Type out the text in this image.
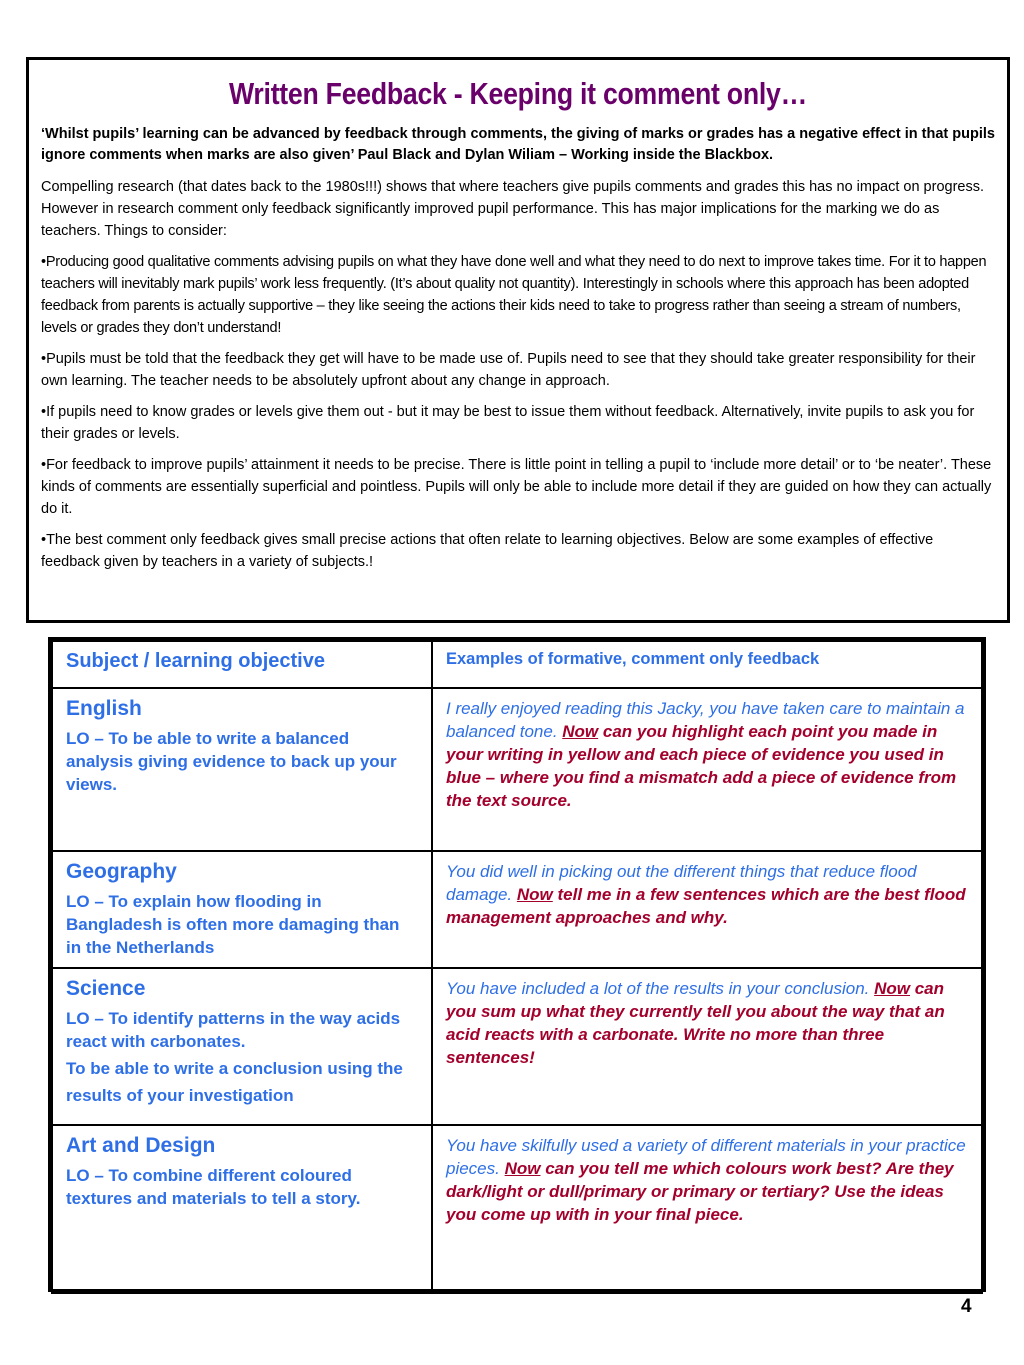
Written Feedback - Keeping it comment only…

‘Whilst pupils’ learning can be advanced by feedback through comments, the giving of marks or grades has a negative effect in that pupils ignore comments when marks are also given’ Paul Black and Dylan Wiliam – Working inside the Blackbox.

Compelling research (that dates back to the 1980s!!!) shows that where teachers give pupils comments and grades this has no impact on progress. However in research comment only feedback significantly improved pupil performance. This has major implications for the marking we do as teachers. Things to consider:

•Producing good qualitative comments advising pupils on what they have done well and what they need to do next to improve takes time. For it to happen teachers will inevitably mark pupils’ work less frequently. (It’s about quality not quantity). Interestingly in schools where this approach has been adopted feedback from parents is actually supportive – they like seeing the actions their kids need to take to progress rather than seeing a stream of numbers, levels or grades they don’t understand!

•Pupils must be told that the feedback they get will have to be made use of. Pupils need to see that they should take greater responsibility for their own learning. The teacher needs to be absolutely upfront about any change in approach.

•If pupils need to know grades or levels give them out - but it may be best to issue them without feedback. Alternatively, invite pupils to ask you for their grades or levels.

•For feedback to improve pupils’ attainment it needs to be precise. There is little point in telling a pupil to ‘include more detail’ or to ‘be neater’. These kinds of comments are essentially superficial and pointless. Pupils will only be able to include more detail if they are guided on how they can actually do it.

•The best comment only feedback gives small precise actions that often relate to learning objectives. Below are some examples of effective feedback given by teachers in a variety of subjects.!

Subject / learning objective	Examples of formative, comment only feedback

English
LO – To be able to write a balanced analysis giving evidence to back up your views.	I really enjoyed reading this Jacky, you have taken care to maintain a balanced tone. Now can you highlight each point you made in your writing in yellow and each piece of evidence you used in blue – where you find a mismatch add a piece of evidence from the text source.

Geography
LO – To explain how flooding in Bangladesh is often more damaging than in the Netherlands	You did well in picking out the different things that reduce flood damage. Now tell me in a few sentences which are the best flood management approaches and why.

Science
LO – To identify patterns in the way acids react with carbonates.
To be able to write a conclusion using the results of your investigation	You have included a lot of the results in your conclusion. Now can you sum up what they currently tell you about the way that an acid reacts with a carbonate. Write no more than three sentences!

Art and Design
LO – To combine different coloured textures and materials to tell a story.	You have skilfully used a variety of different materials in your practice pieces. Now can you tell me which colours work best? Are they dark/light or dull/primary or primary or tertiary? Use the ideas you come up with in your final piece.
4
